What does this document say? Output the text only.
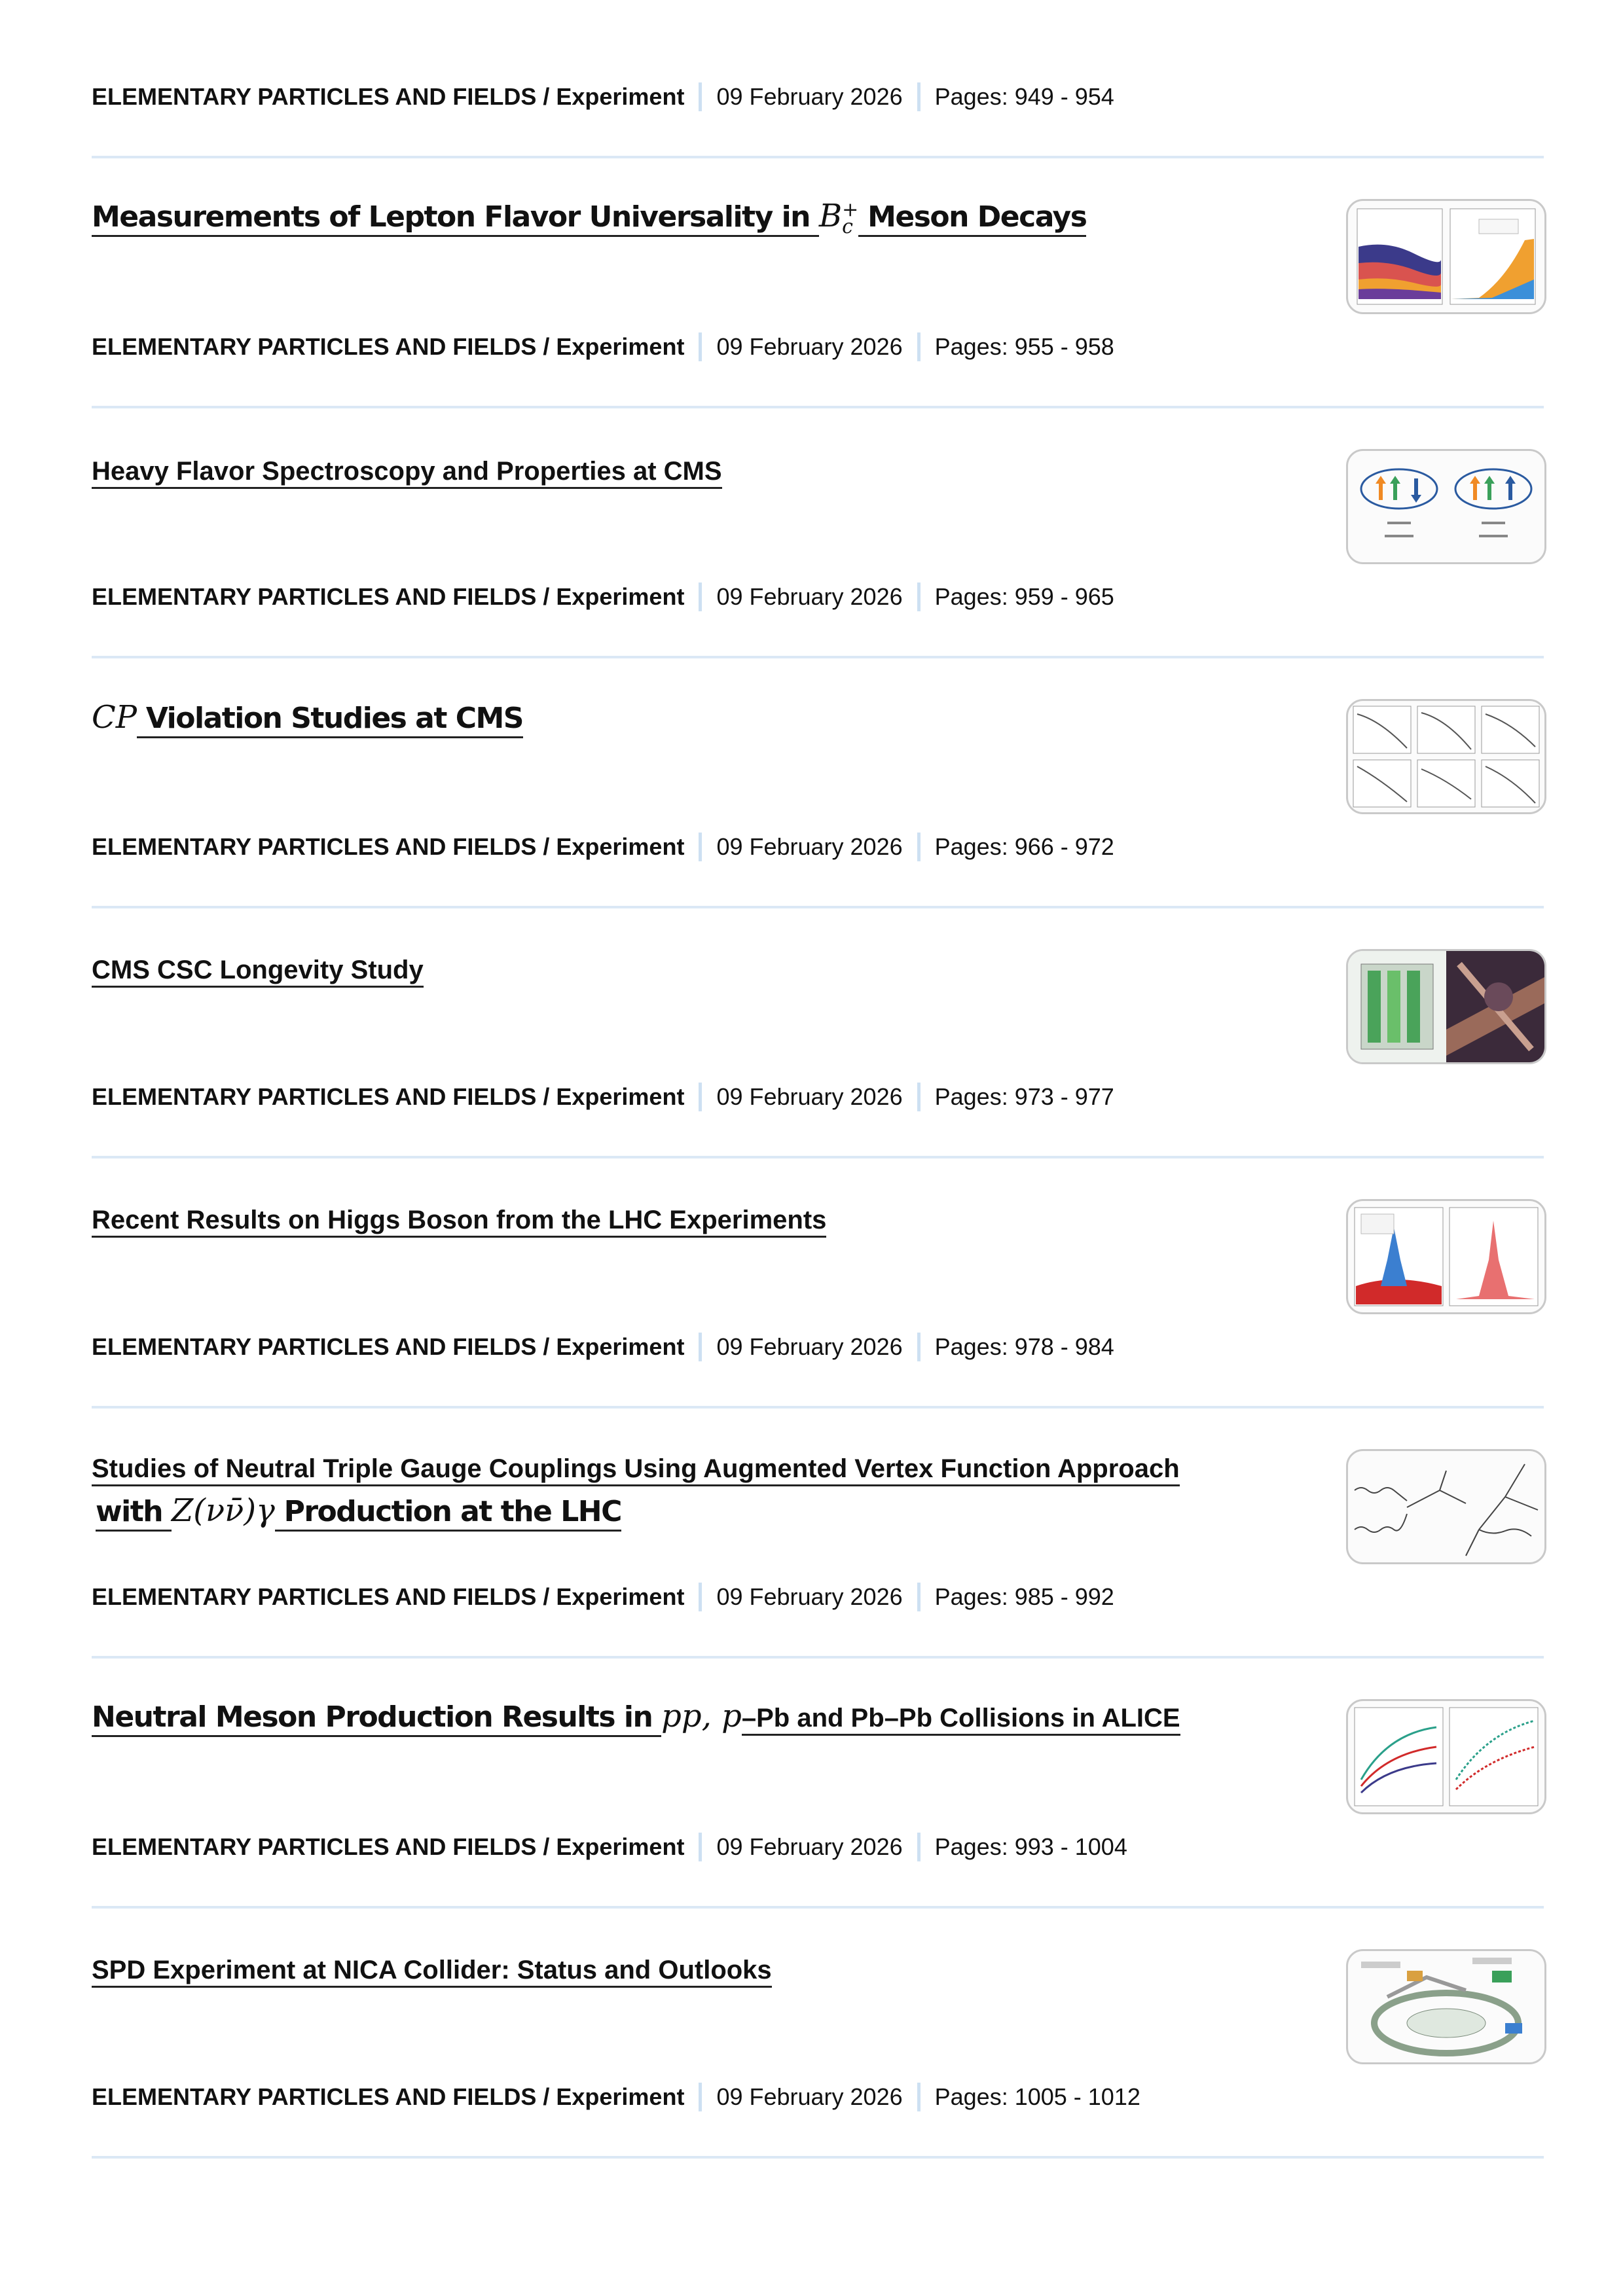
ELEMENTARY PARTICLES AND FIELDS / Experiment 09 February 2026 Pages: 949 - 954
Measurements of Lepton Flavor Universality in B +
c Meson Decays
ELEMENTARY PARTICLES AND FIELDS / Experiment 09 February 2026 Pages: 955 - 958
Heavy Flavor Spectroscopy and Properties at CMS
ELEMENTARY PARTICLES AND FIELDS / Experiment 09 February 2026 Pages: 959 - 965
CP Violation Studies at CMS
ELEMENTARY PARTICLES AND FIELDS / Experiment 09 February 2026 Pages: 966 - 972
CMS CSC Longevity Study
ELEMENTARY PARTICLES AND FIELDS / Experiment 09 February 2026 Pages: 973 - 977
Recent Results on Higgs Boson from the LHC Experiments
ELEMENTARY PARTICLES AND FIELDS / Experiment 09 February 2026 Pages: 978 - 984
Studies of Neutral Triple Gauge Couplings Using Augmented Vertex Function Approach
with Z(νν̄)γ Production at the LHC
ELEMENTARY PARTICLES AND FIELDS / Experiment 09 February 2026 Pages: 985 - 992
Neutral Meson Production Results in pp, p–Pb and Pb–Pb Collisions in ALICE
ELEMENTARY PARTICLES AND FIELDS / Experiment 09 February 2026 Pages: 993 - 1004
SPD Experiment at NICA Collider: Status and Outlooks
ELEMENTARY PARTICLES AND FIELDS / Experiment 09 February 2026 Pages: 1005 - 1012
